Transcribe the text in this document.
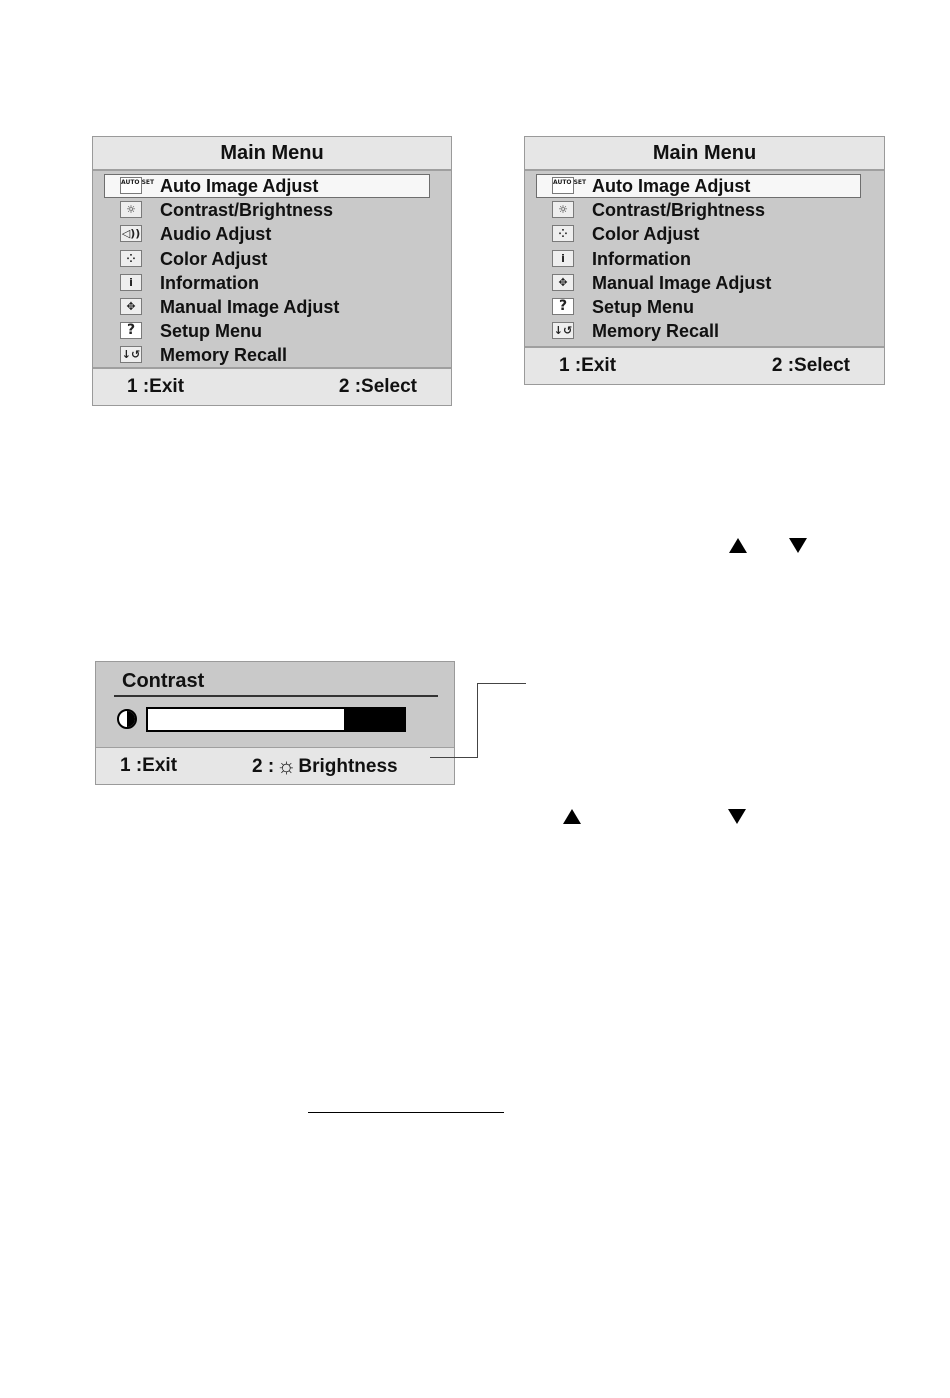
Main Menu
AUTO SET Auto Image Adjust
☼	Contrast/Brightness
◁)) Audio Adjust
⁘	Color Adjust
i	Information
✥	Manual Image Adjust
?	Setup Menu
↓↺ Memory Recall
1 :Exit	2 :Select
Main Menu
AUTO SET Auto Image Adjust
☼	Contrast/Brightness
⁘	Color Adjust
i	Information
✥	Manual Image Adjust
?	Setup Menu
↓↺ Memory Recall
1 :Exit	2 :Select
Contrast
1 :Exit	2 :☼ Brightness
